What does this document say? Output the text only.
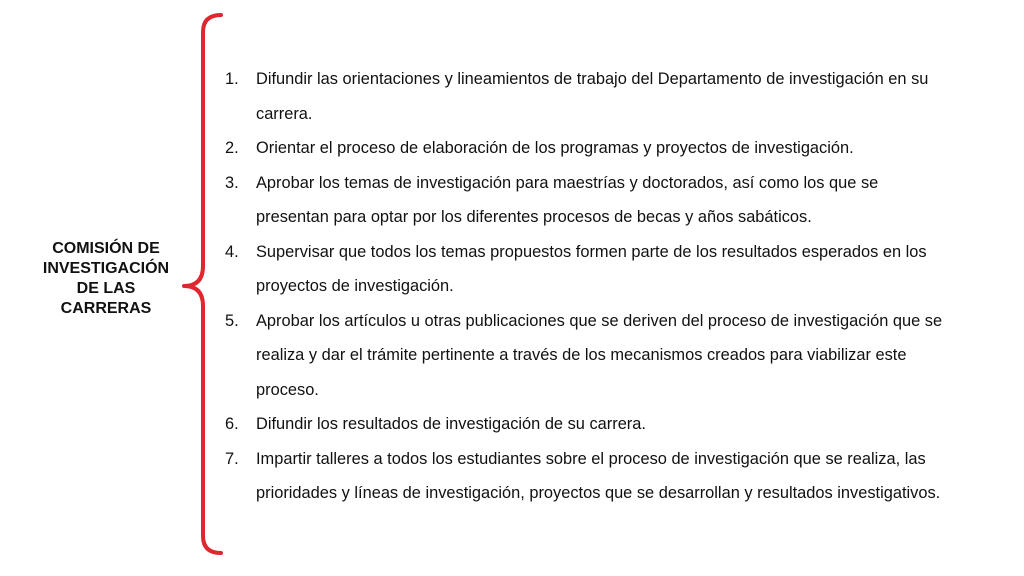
COMISIÓN DE
INVESTIGACIÓN
DE LAS
CARRERAS
1. Difundir las orientaciones y lineamientos de trabajo del Departamento de investigación en su carrera.
2. Orientar el proceso de elaboración de los programas y proyectos de investigación.
3. Aprobar los temas de investigación para maestrías y doctorados, así como los que se presentan para optar por los diferentes procesos de becas y años sabáticos.
4. Supervisar que todos los temas propuestos formen parte de los resultados esperados en los proyectos de investigación.
5. Aprobar los artículos u otras publicaciones que se deriven del proceso de investigación que se realiza y dar el trámite pertinente a través de los mecanismos creados para viabilizar este proceso.
6. Difundir los resultados de investigación de su carrera.
7. Impartir talleres a todos los estudiantes sobre el proceso de investigación que se realiza, las prioridades y líneas de investigación, proyectos que se desarrollan y resultados investigativos.
